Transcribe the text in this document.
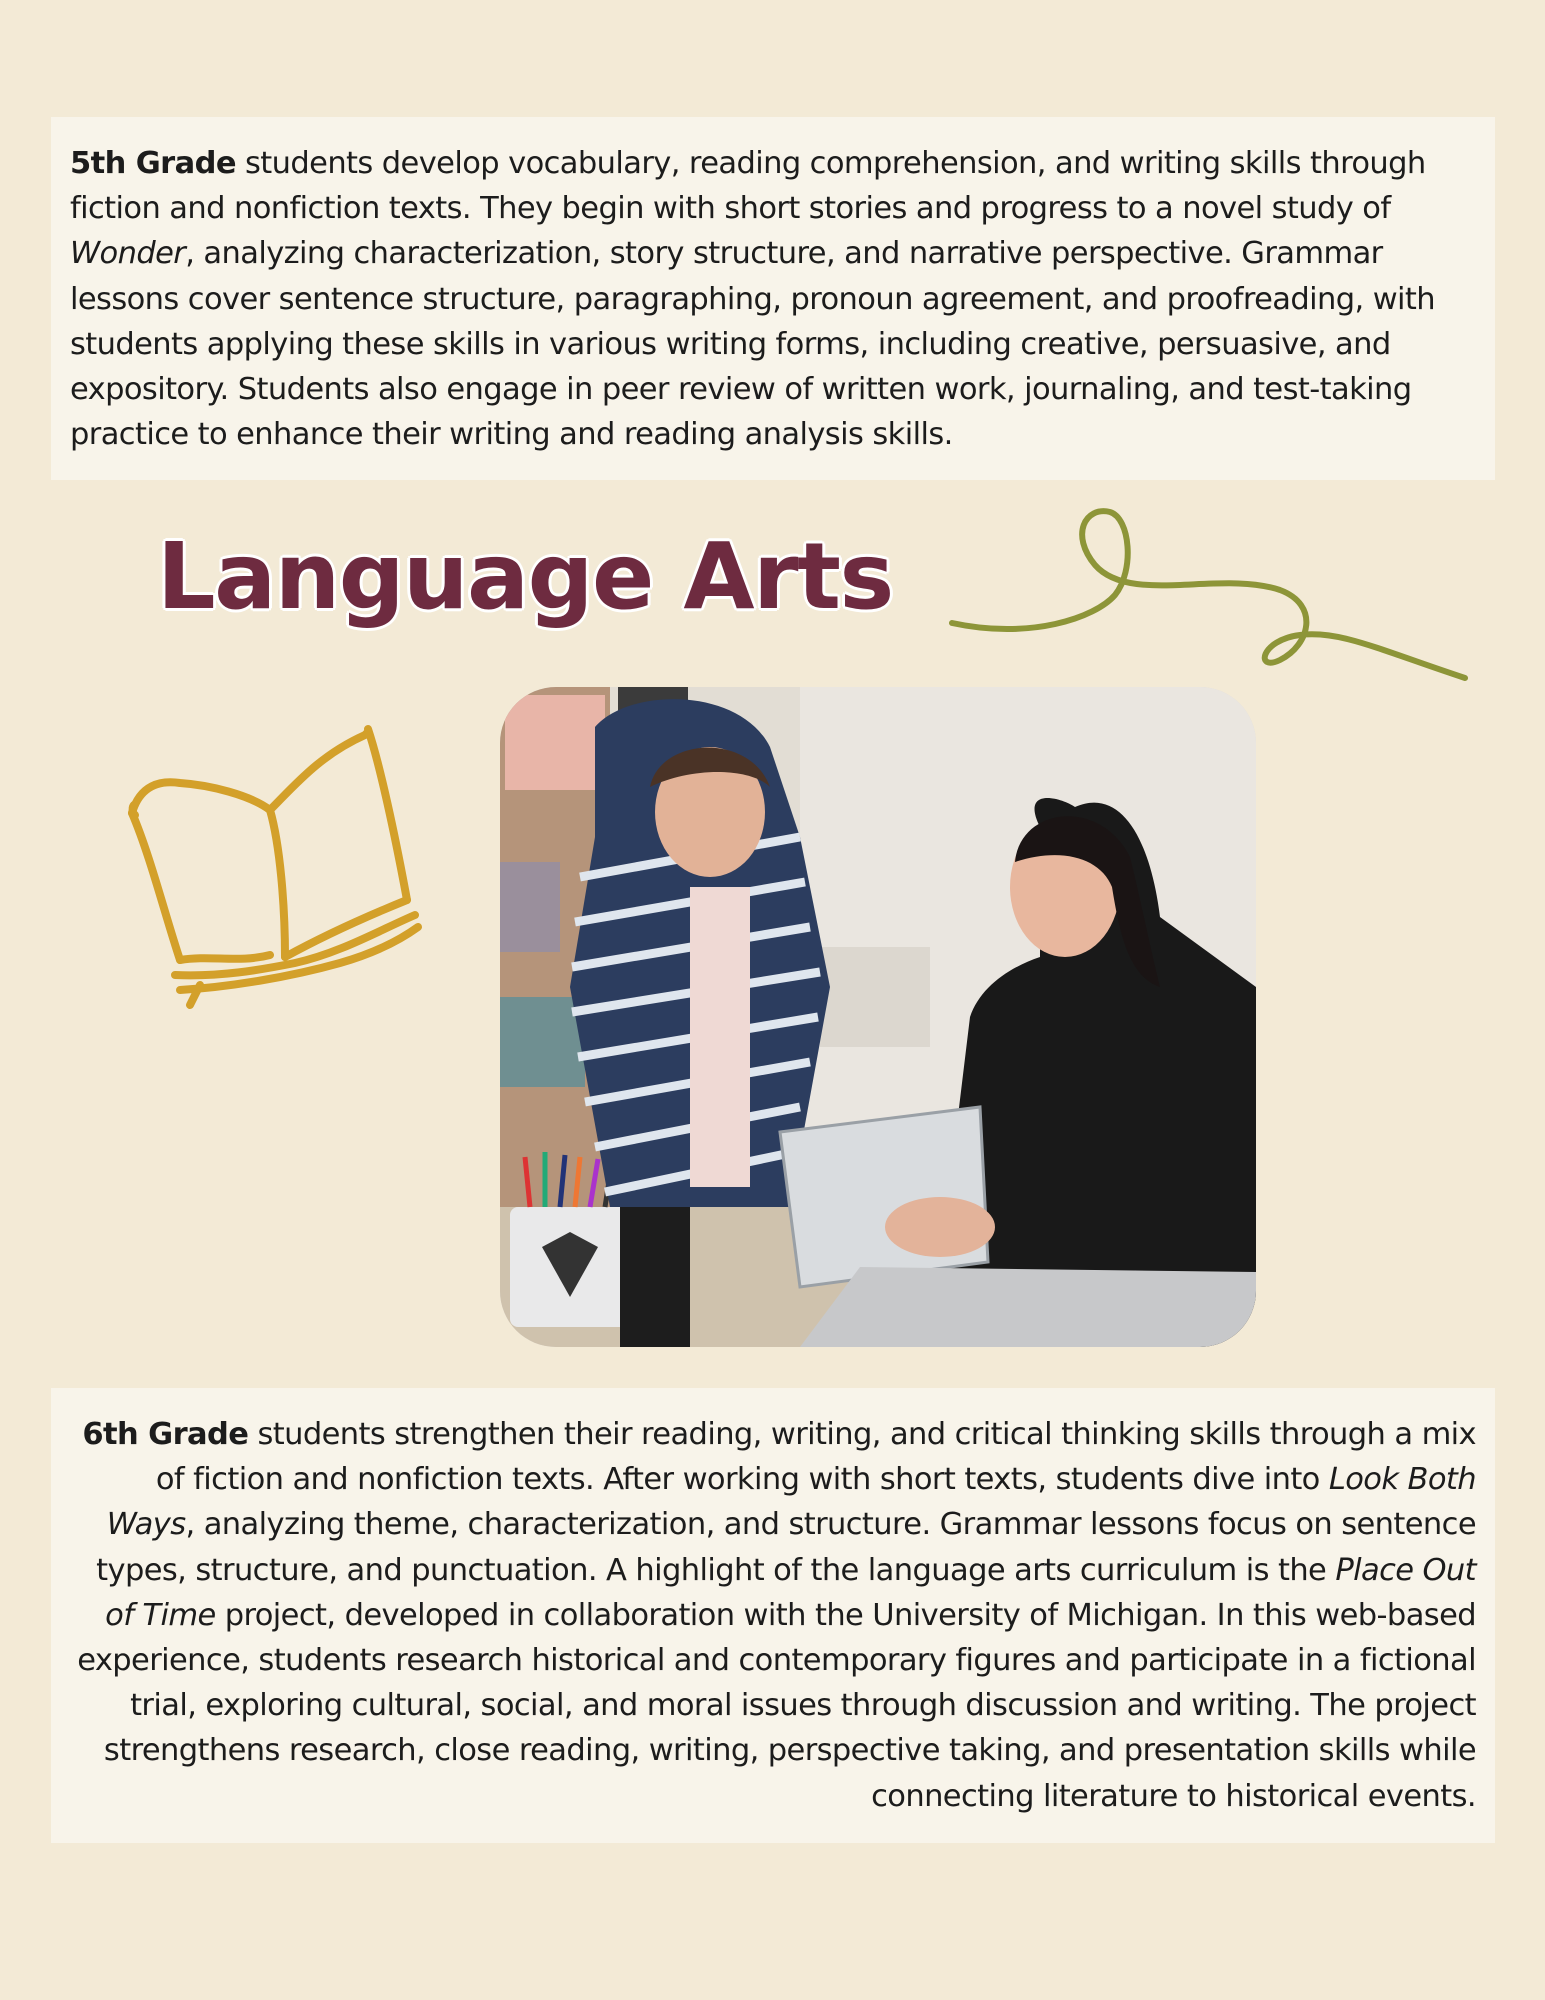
5th Grade students develop vocabulary, reading comprehension, and writing skills through fiction and nonfiction texts. They begin with short stories and progress to a novel study of Wonder, analyzing characterization, story structure, and narrative perspective. Grammar lessons cover sentence structure, paragraphing, pronoun agreement, and proofreading, with students applying these skills in various writing forms, including creative, persuasive, and expository. Students also engage in peer review of written work, journaling, and test-taking practice to enhance their writing and reading analysis skills.
Language Arts
6th Grade students strengthen their reading, writing, and critical thinking skills through a mix of fiction and nonfiction texts. After working with short texts, students dive into Look Both Ways, analyzing theme, characterization, and structure. Grammar lessons focus on sentence types, structure, and punctuation. A highlight of the language arts curriculum is the Place Out of Time project, developed in collaboration with the University of Michigan. In this web-based experience, students research historical and contemporary figures and participate in a fictional trial, exploring cultural, social, and moral issues through discussion and writing. The project strengthens research, close reading, writing, perspective taking, and presentation skills while connecting literature to historical events.
